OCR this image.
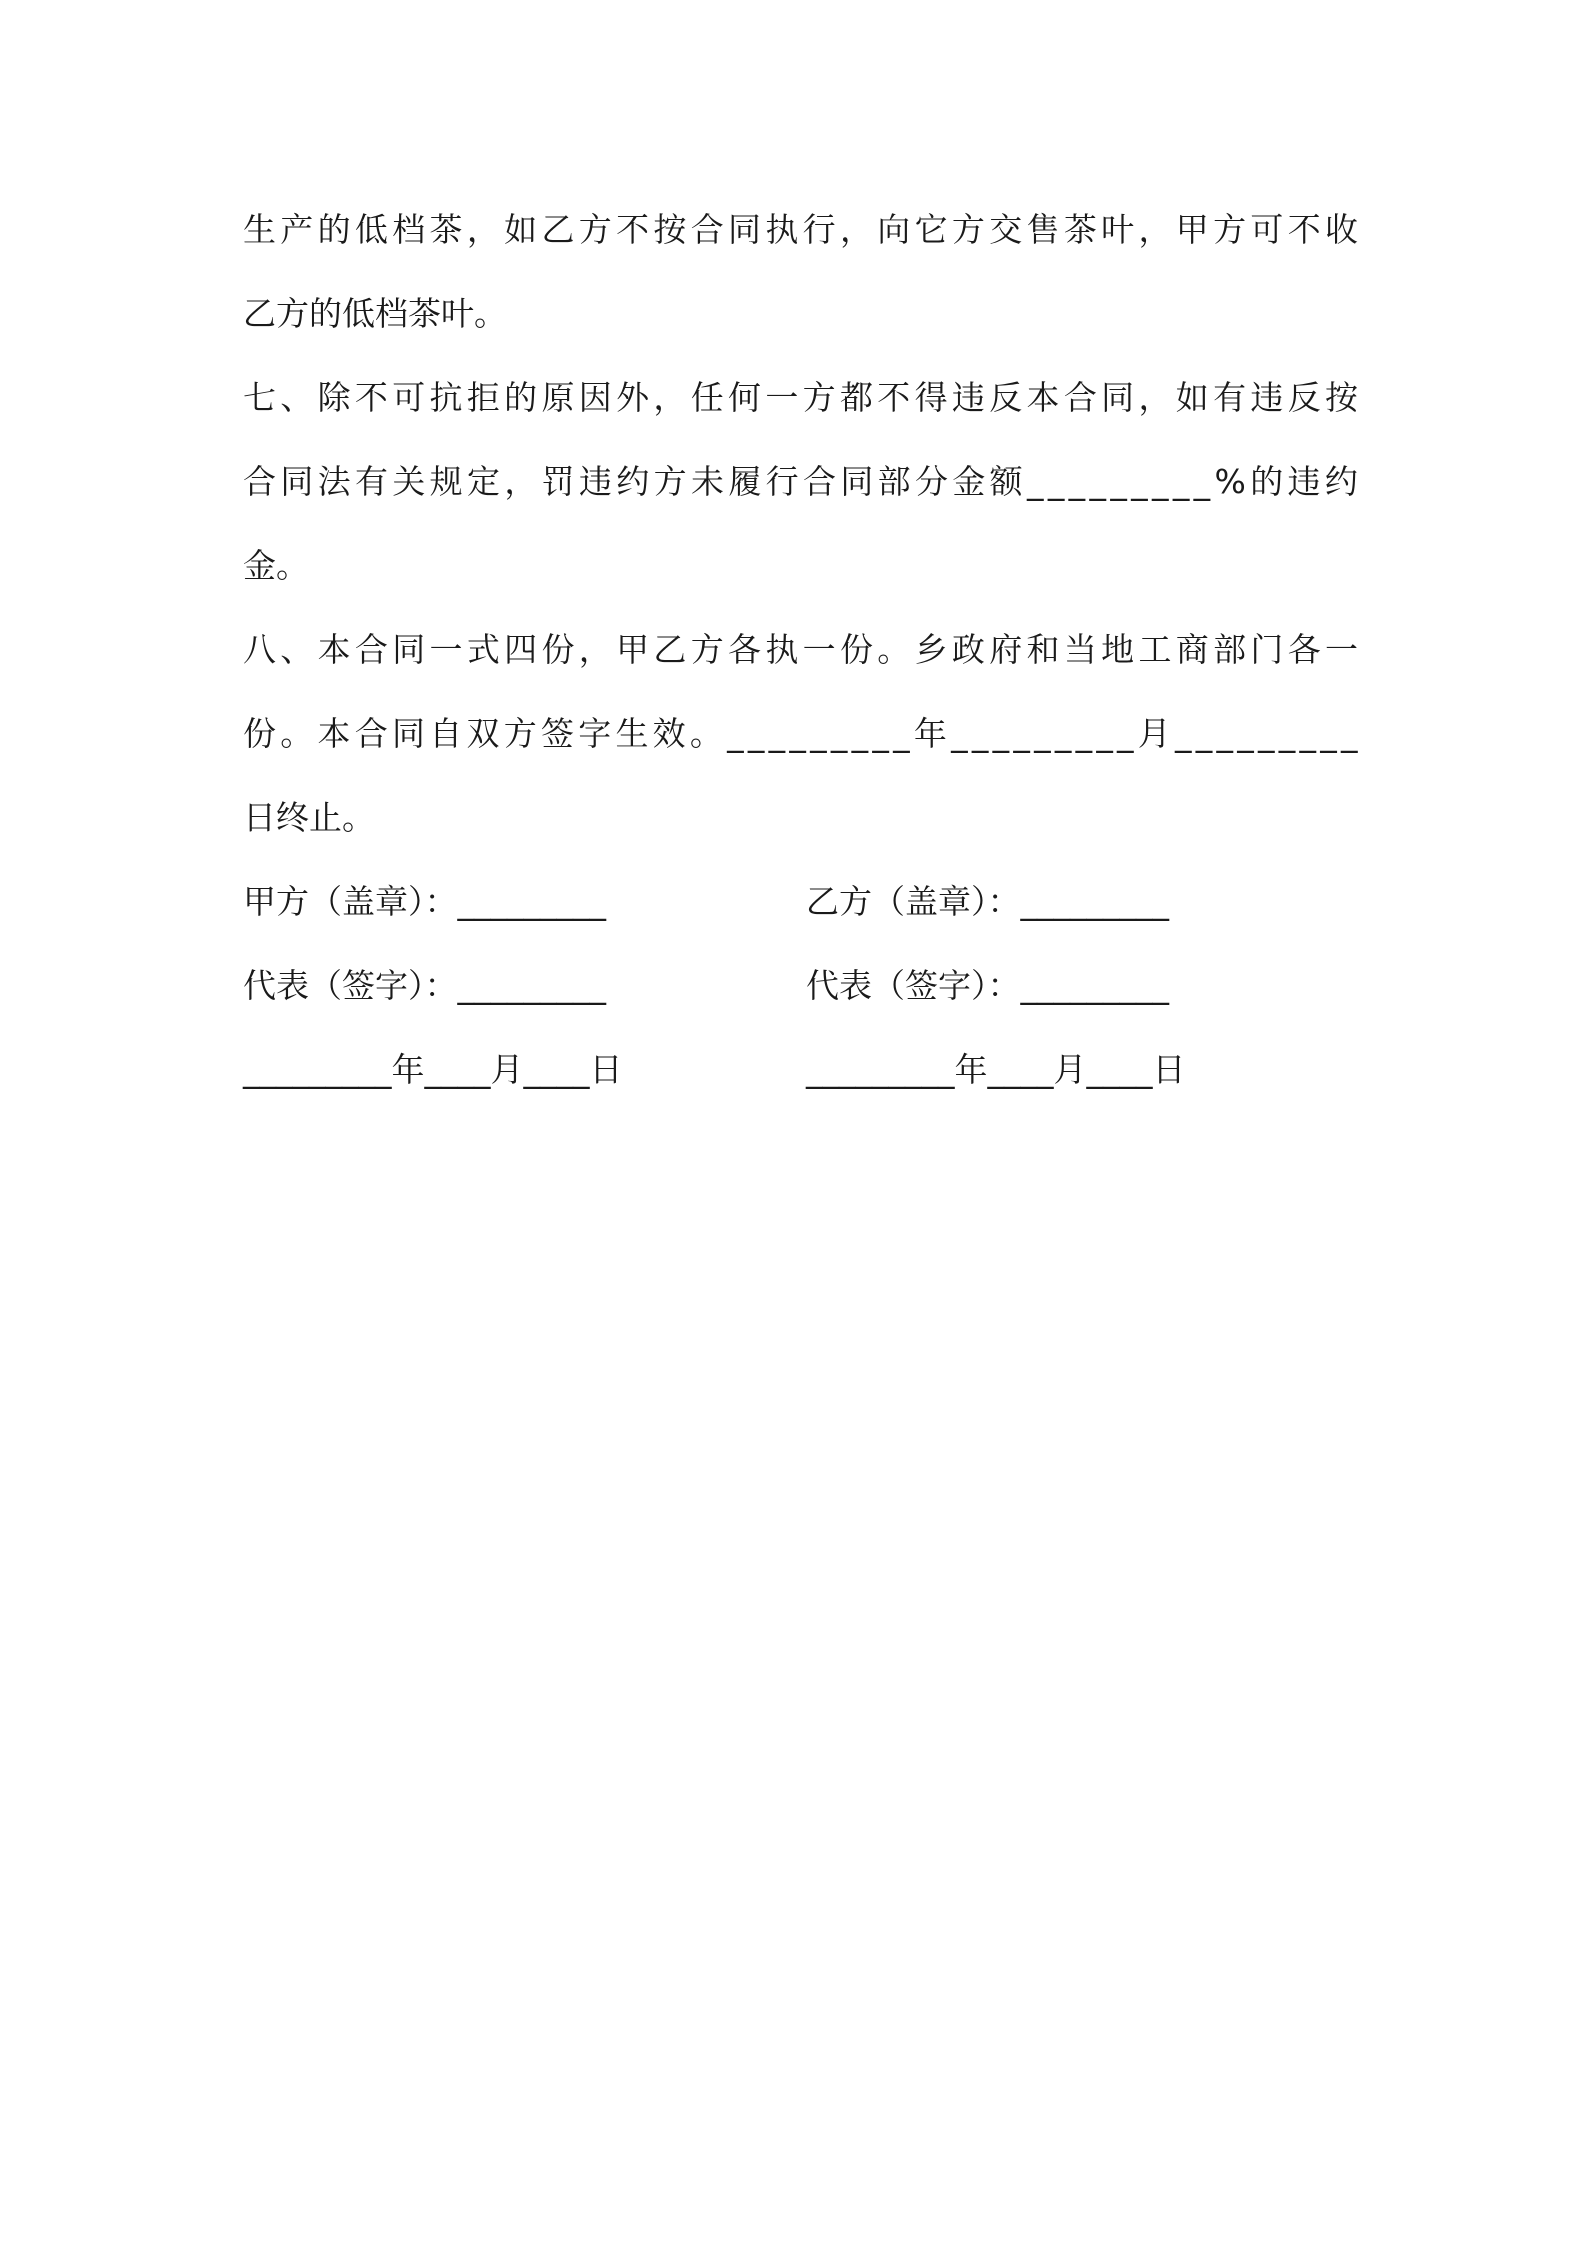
生产的低档茶，如乙方不按合同执行，向它方交售茶叶，甲方可不收
乙方的低档茶叶。
七、除不可抗拒的原因外，任何一方都不得违反本合同，如有违反按
合同法有关规定，罚违约方未履行合同部分金额_________%的违约
金。
八、本合同一式四份，甲乙方各执一份。乡政府和当地工商部门各一
份。本合同自双方签字生效。_________年_________月_________
日终止。
甲方（盖章）：_________	乙方（盖章）：_________
代表（签字）：_________	代表（签字）：_________
_________年____月____日	_________年____月____日
